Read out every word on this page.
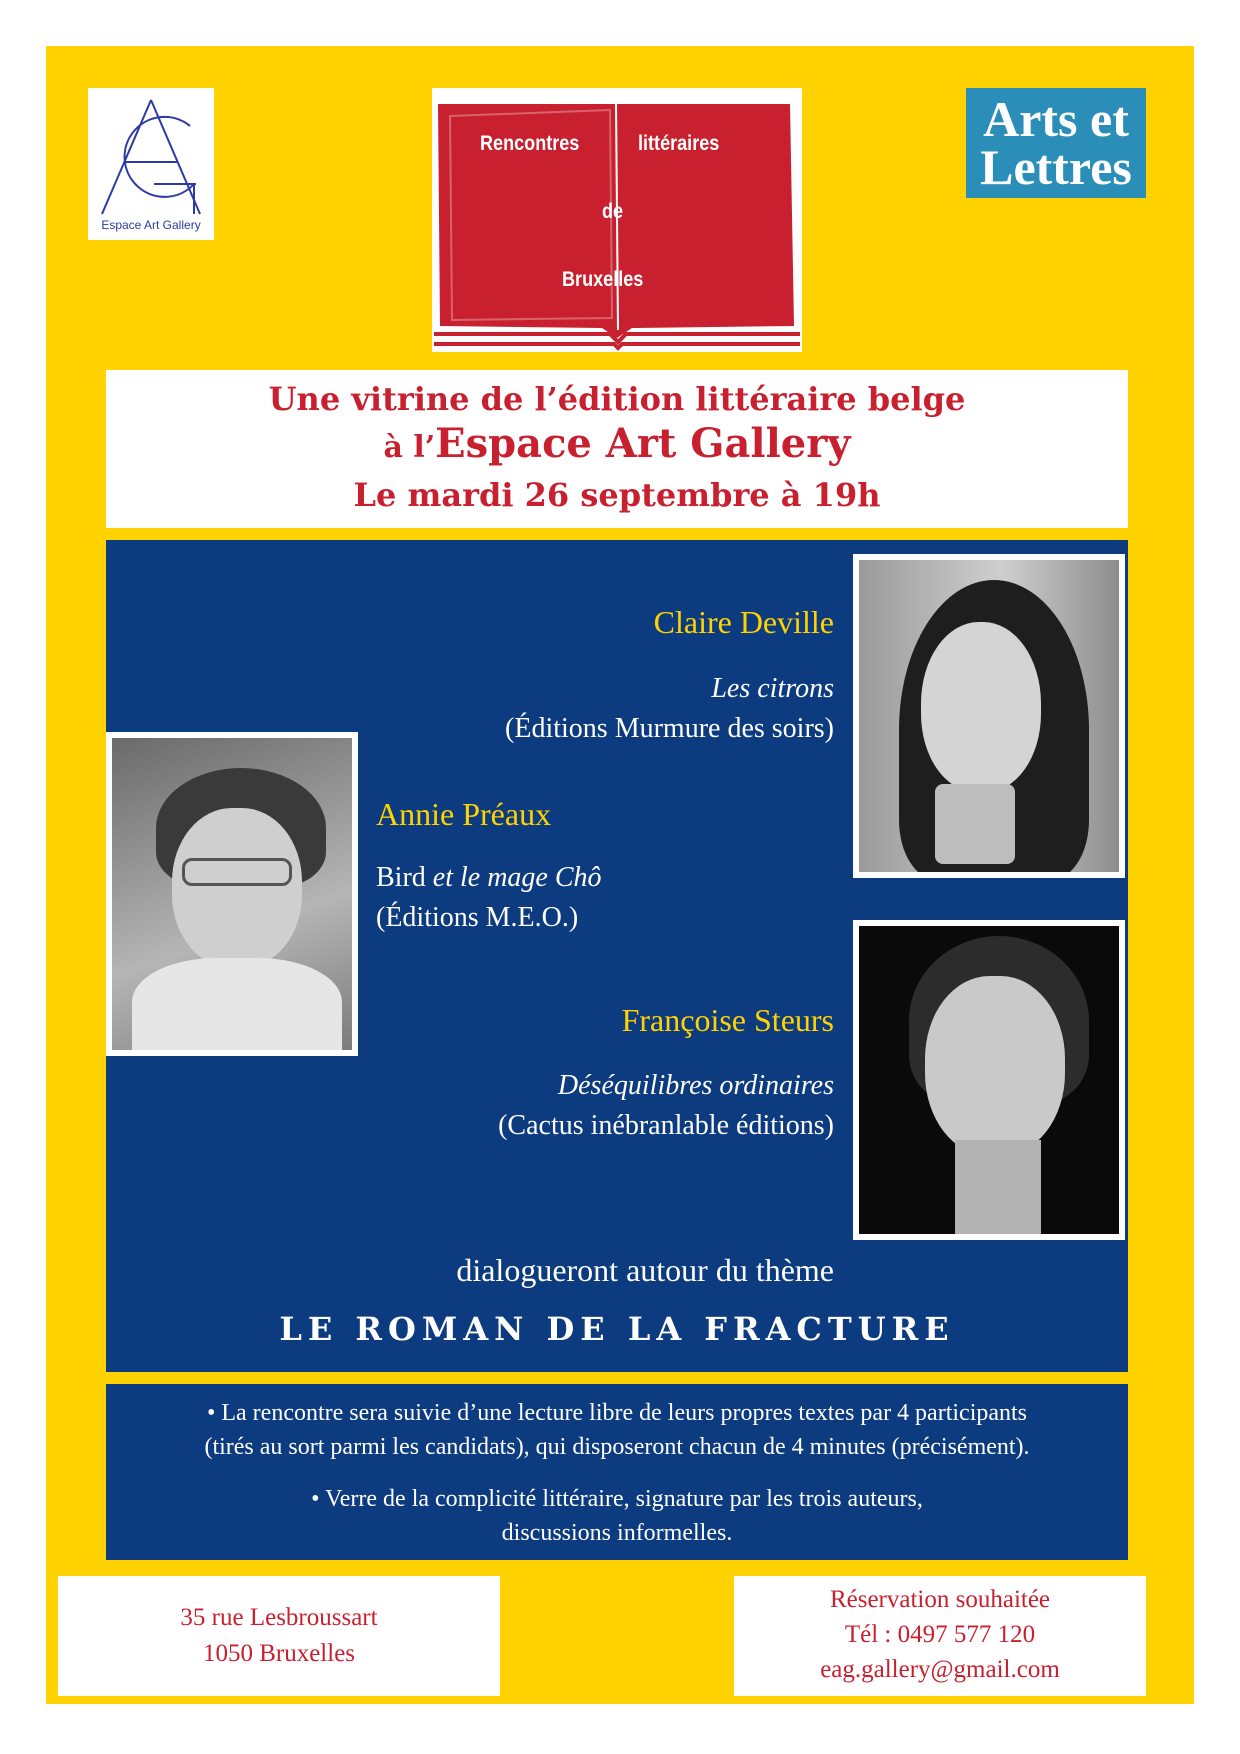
Espace Art Gallery
Rencontres	littéraires
de
Bruxelles
Arts et
Lettres
Une vitrine de l’édition littéraire belge
à l’Espace Art Gallery
Le mardi 26 septembre à 19h
Claire Deville
Les citrons
(Éditions Murmure des soirs)
Annie Préaux
Bird et le mage Chô
(Éditions M.E.O.)
Françoise Steurs
Déséquilibres ordinaires
(Cactus inébranlable éditions)
dialogueront autour du thème
LE ROMAN DE LA FRACTURE
• La rencontre sera suivie d’une lecture libre de leurs propres textes par 4 participants
(tirés au sort parmi les candidats), qui disposeront chacun de 4 minutes (précisément).
• Verre de la complicité littéraire, signature par les trois auteurs,
discussions informelles.
35 rue Lesbroussart
1050 Bruxelles
Réservation souhaitée
Tél : 0497 577 120
eag.gallery@gmail.com
